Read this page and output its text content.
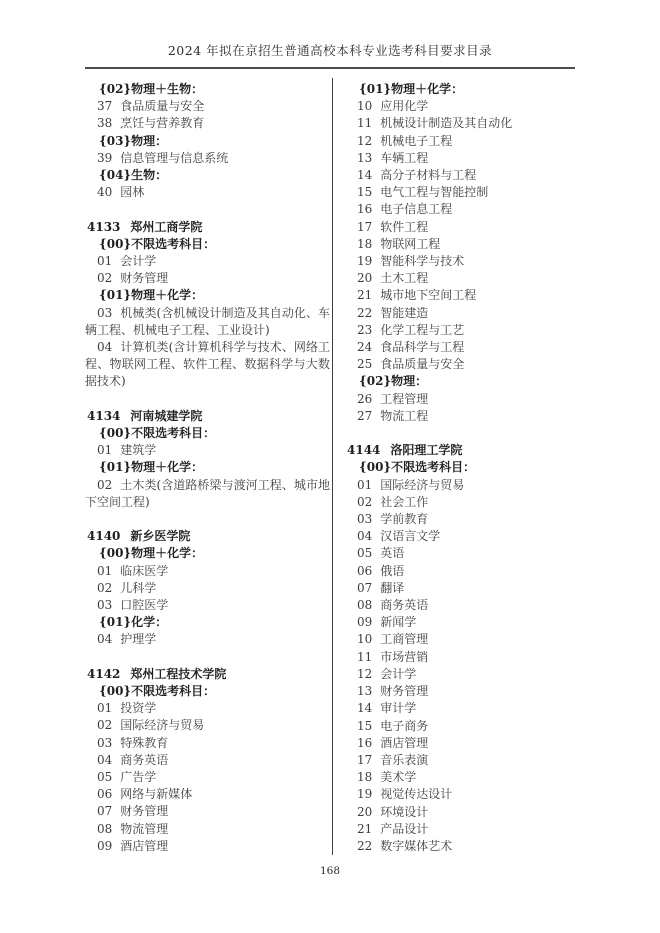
2024 年拟在京招生普通高校本科专业选考科目要求目录
{02}物理＋生物：
37 食品质量与安全
38 烹饪与营养教育
{03}物理：
39 信息管理与信息系统
{04}生物：
40 园林
4133 郑州工商学院
{00}不限选考科目：
01 会计学
02 财务管理
{01}物理＋化学：
03 机械类(含机械设计制造及其自动化、车辆工程、机械电子工程、工业设计)
04 计算机类(含计算机科学与技术、网络工程、物联网工程、软件工程、数据科学与大数据技术)
4134 河南城建学院
{00}不限选考科目：
01 建筑学
{01}物理＋化学：
02 土木类(含道路桥梁与渡河工程、城市地下空间工程)
4140 新乡医学院
{00}物理＋化学：
01 临床医学
02 儿科学
03 口腔医学
{01}化学：
04 护理学
4142 郑州工程技术学院
{00}不限选考科目：
01 投资学
02 国际经济与贸易
03 特殊教育
04 商务英语
05 广告学
06 网络与新媒体
07 财务管理
08 物流管理
09 酒店管理
{01}物理＋化学：
10 应用化学
11 机械设计制造及其自动化
12 机械电子工程
13 车辆工程
14 高分子材料与工程
15 电气工程与智能控制
16 电子信息工程
17 软件工程
18 物联网工程
19 智能科学与技术
20 土木工程
21 城市地下空间工程
22 智能建造
23 化学工程与工艺
24 食品科学与工程
25 食品质量与安全
{02}物理：
26 工程管理
27 物流工程
4144 洛阳理工学院
{00}不限选考科目：
01 国际经济与贸易
02 社会工作
03 学前教育
04 汉语言文学
05 英语
06 俄语
07 翻译
08 商务英语
09 新闻学
10 工商管理
11 市场营销
12 会计学
13 财务管理
14 审计学
15 电子商务
16 酒店管理
17 音乐表演
18 美术学
19 视觉传达设计
20 环境设计
21 产品设计
22 数字媒体艺术
168
